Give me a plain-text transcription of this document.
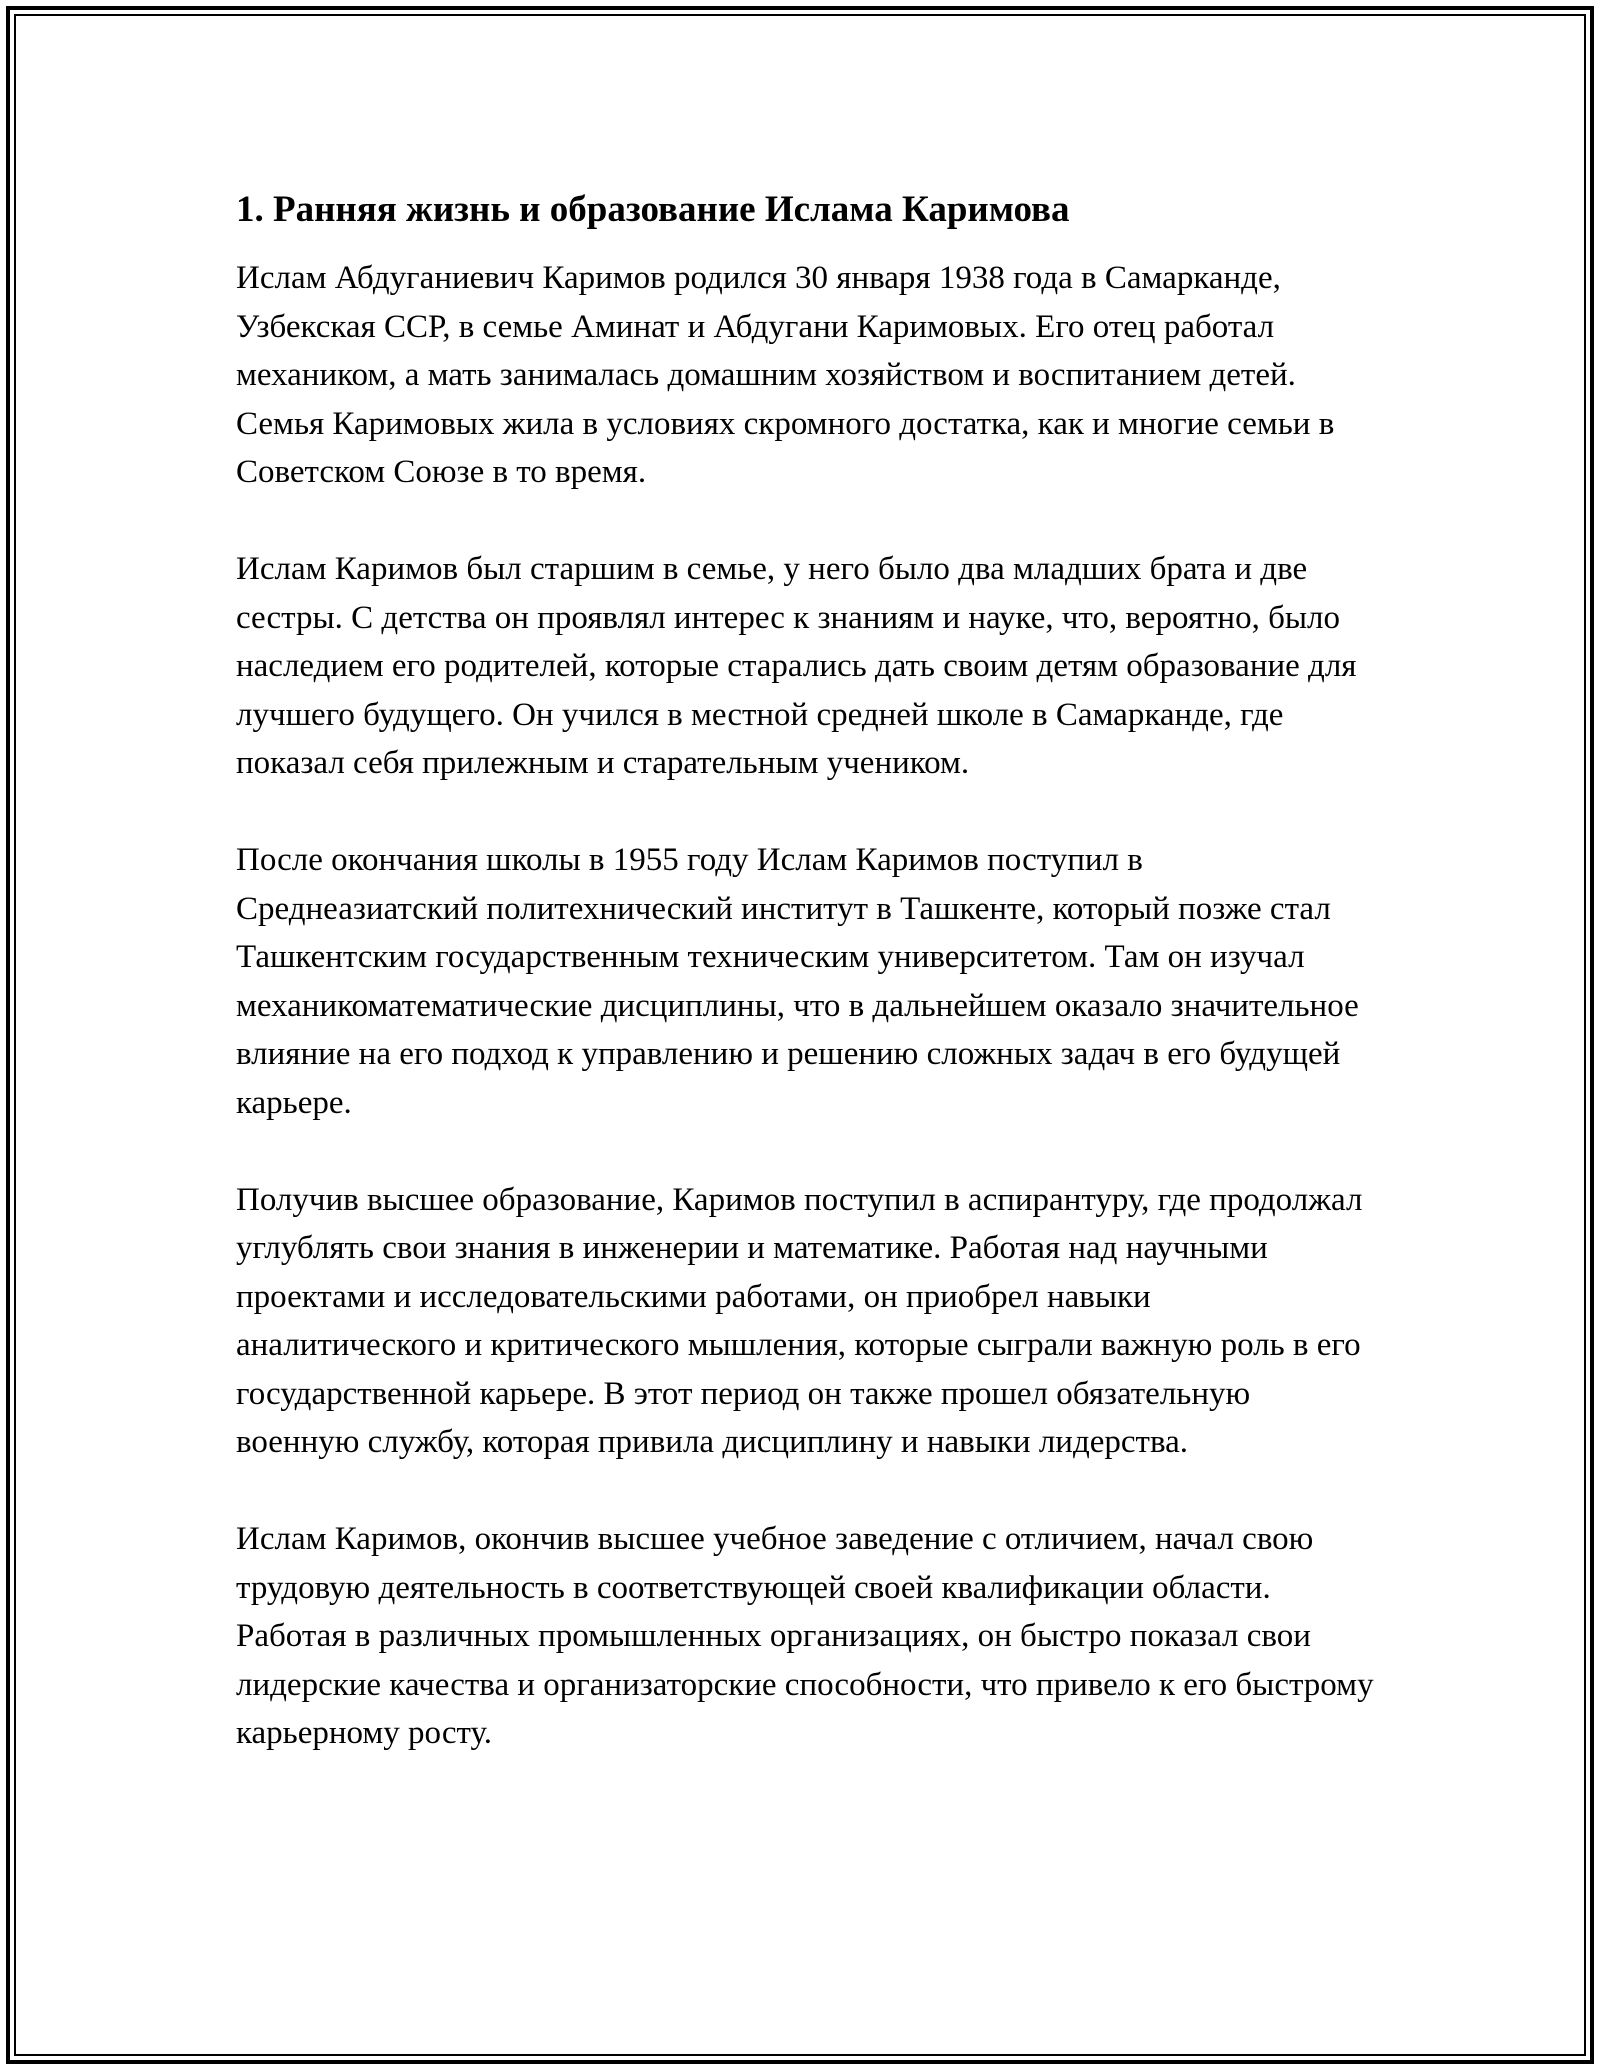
1. Ранняя жизнь и образование Ислама Каримова

Ислам Абдуганиевич Каримов родился 30 января 1938 года в Самарканде, Узбекская ССР, в семье Аминат и Абдугани Каримовых. Его отец работал механиком, а мать занималась домашним хозяйством и воспитанием детей. Семья Каримовых жила в условиях скромного достатка, как и многие семьи в Советском Союзе в то время.

Ислам Каримов был старшим в семье, у него было два младших брата и две сестры. С детства он проявлял интерес к знаниям и науке, что, вероятно, было наследием его родителей, которые старались дать своим детям образование для лучшего будущего. Он учился в местной средней школе в Самарканде, где показал себя прилежным и старательным учеником.

После окончания школы в 1955 году Ислам Каримов поступил в Среднеазиатский политехнический институт в Ташкенте, который позже стал Ташкентским государственным техническим университетом. Там он изучал механикоматематические дисциплины, что в дальнейшем оказало значительное влияние на его подход к управлению и решению сложных задач в его будущей карьере.

Получив высшее образование, Каримов поступил в аспирантуру, где продолжал углублять свои знания в инженерии и математике. Работая над научными проектами и исследовательскими работами, он приобрел навыки аналитического и критического мышления, которые сыграли важную роль в его государственной карьере. В этот период он также прошел обязательную военную службу, которая привила дисциплину и навыки лидерства.

Ислам Каримов, окончив высшее учебное заведение с отличием, начал свою трудовую деятельность в соответствующей своей квалификации области. Работая в различных промышленных организациях, он быстро показал свои лидерские качества и организаторские способности, что привело к его быстрому карьерному росту.
